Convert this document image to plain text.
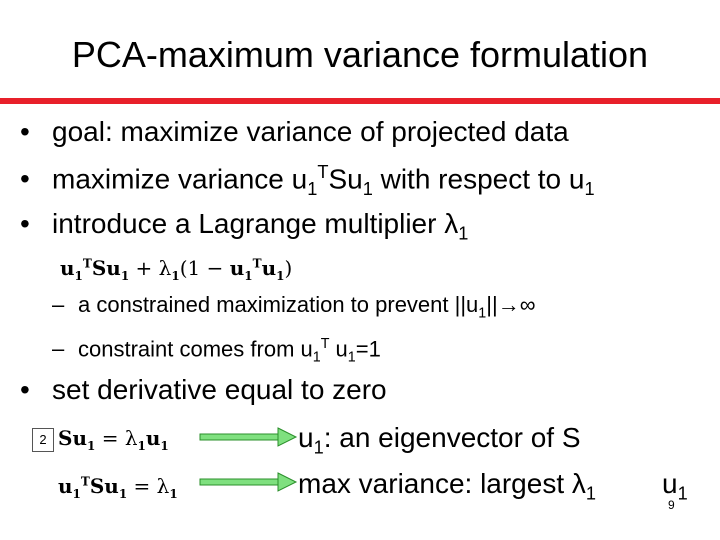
PCA-maximum variance formulation
• goal: maximize variance of projected data
• maximize variance $u_1^TSu_1$ with respect to $u_1$
• introduce a Lagrange multiplier $\lambda_1$
$u_1^TSu_1 + \lambda_1(1 - u_1^Tu_1)$
– a constrained maximization to prevent $||u_1||\to\infty$
– constraint comes from $u_1^T$ $u_1=1$
• set derivative equal to zero
2 $Su_1 = \lambda_1u_1$
$u_1^TSu_1 = \lambda_1$
$u_1$: an eigenvector of S
max variance: largest $\lambda_1$ $u_1$
9
